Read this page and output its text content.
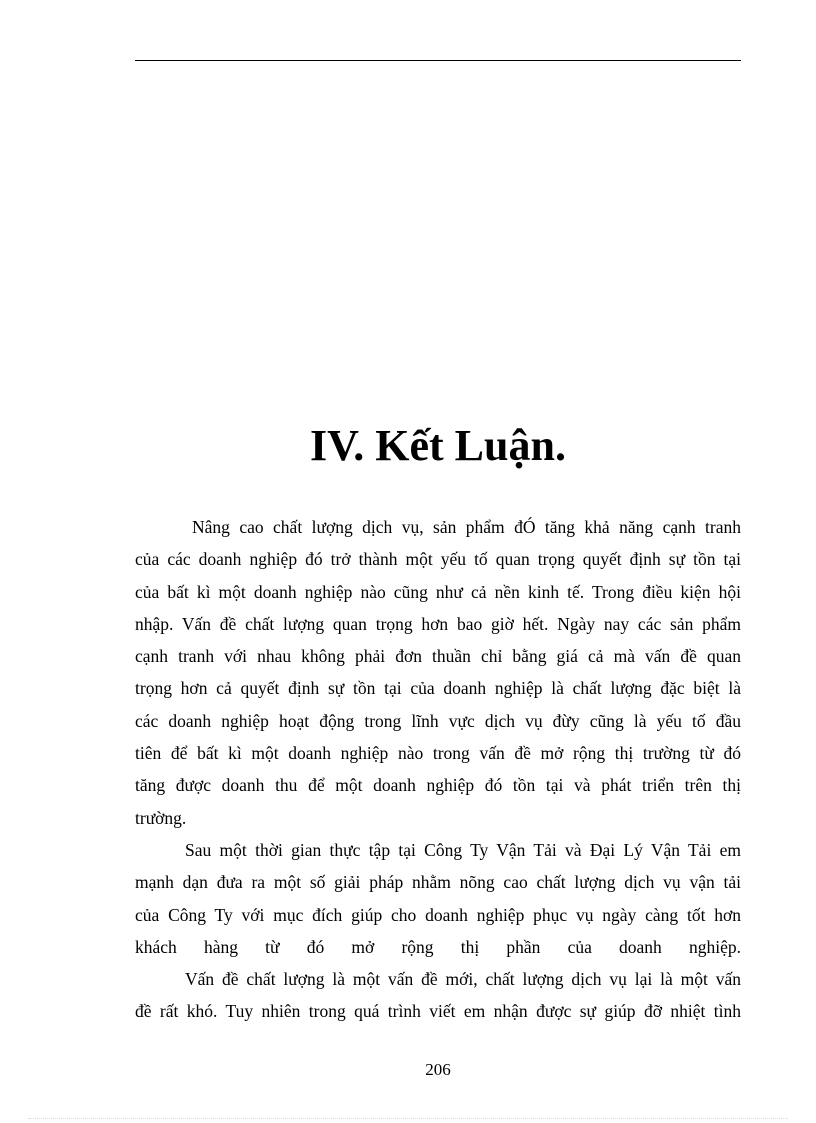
IV. Kết Luận.
Nâng cao chất lượng dịch vụ, sản phẩm đÓ tăng khả năng cạnh tranh
của các doanh nghiệp đó trở thành một yếu tố quan trọng quyết định sự tồn tại
của bất kì một doanh nghiệp nào cũng như cả nền kinh tế. Trong điều kiện hội
nhập. Vấn đề chất lượng quan trọng hơn bao giờ hết. Ngày nay các sản phẩm
cạnh tranh với nhau không phải đơn thuần chỉ bằng giá cả mà vấn đề quan
trọng hơn cả quyết định sự tồn tại của doanh nghiệp là chất lượng đặc biệt là
các doanh nghiệp hoạt động trong lĩnh vực dịch vụ đừy cũng là yếu tố đầu
tiên để bất kì một doanh nghiệp nào trong vấn đề mở rộng thị trường từ đó
tăng được doanh thu để một doanh nghiệp đó tồn tại và phát triển trên thị
trường.
Sau một thời gian thực tập tại Công Ty Vận Tải và Đại Lý Vận Tải em
mạnh dạn đưa ra một số giải pháp nhằm nõng cao chất lượng dịch vụ vận tải
của Công Ty với mục đích giúp cho doanh nghiệp phục vụ ngày càng tốt hơn
khách hàng từ đó mở rộng thị phần của doanh nghiệp.
Vấn đề chất lượng là một vấn đề mới, chất lượng dịch vụ lại là một vấn
đề rất khó. Tuy nhiên trong quá trình viết em nhận được sự giúp đỡ nhiệt tình
206
